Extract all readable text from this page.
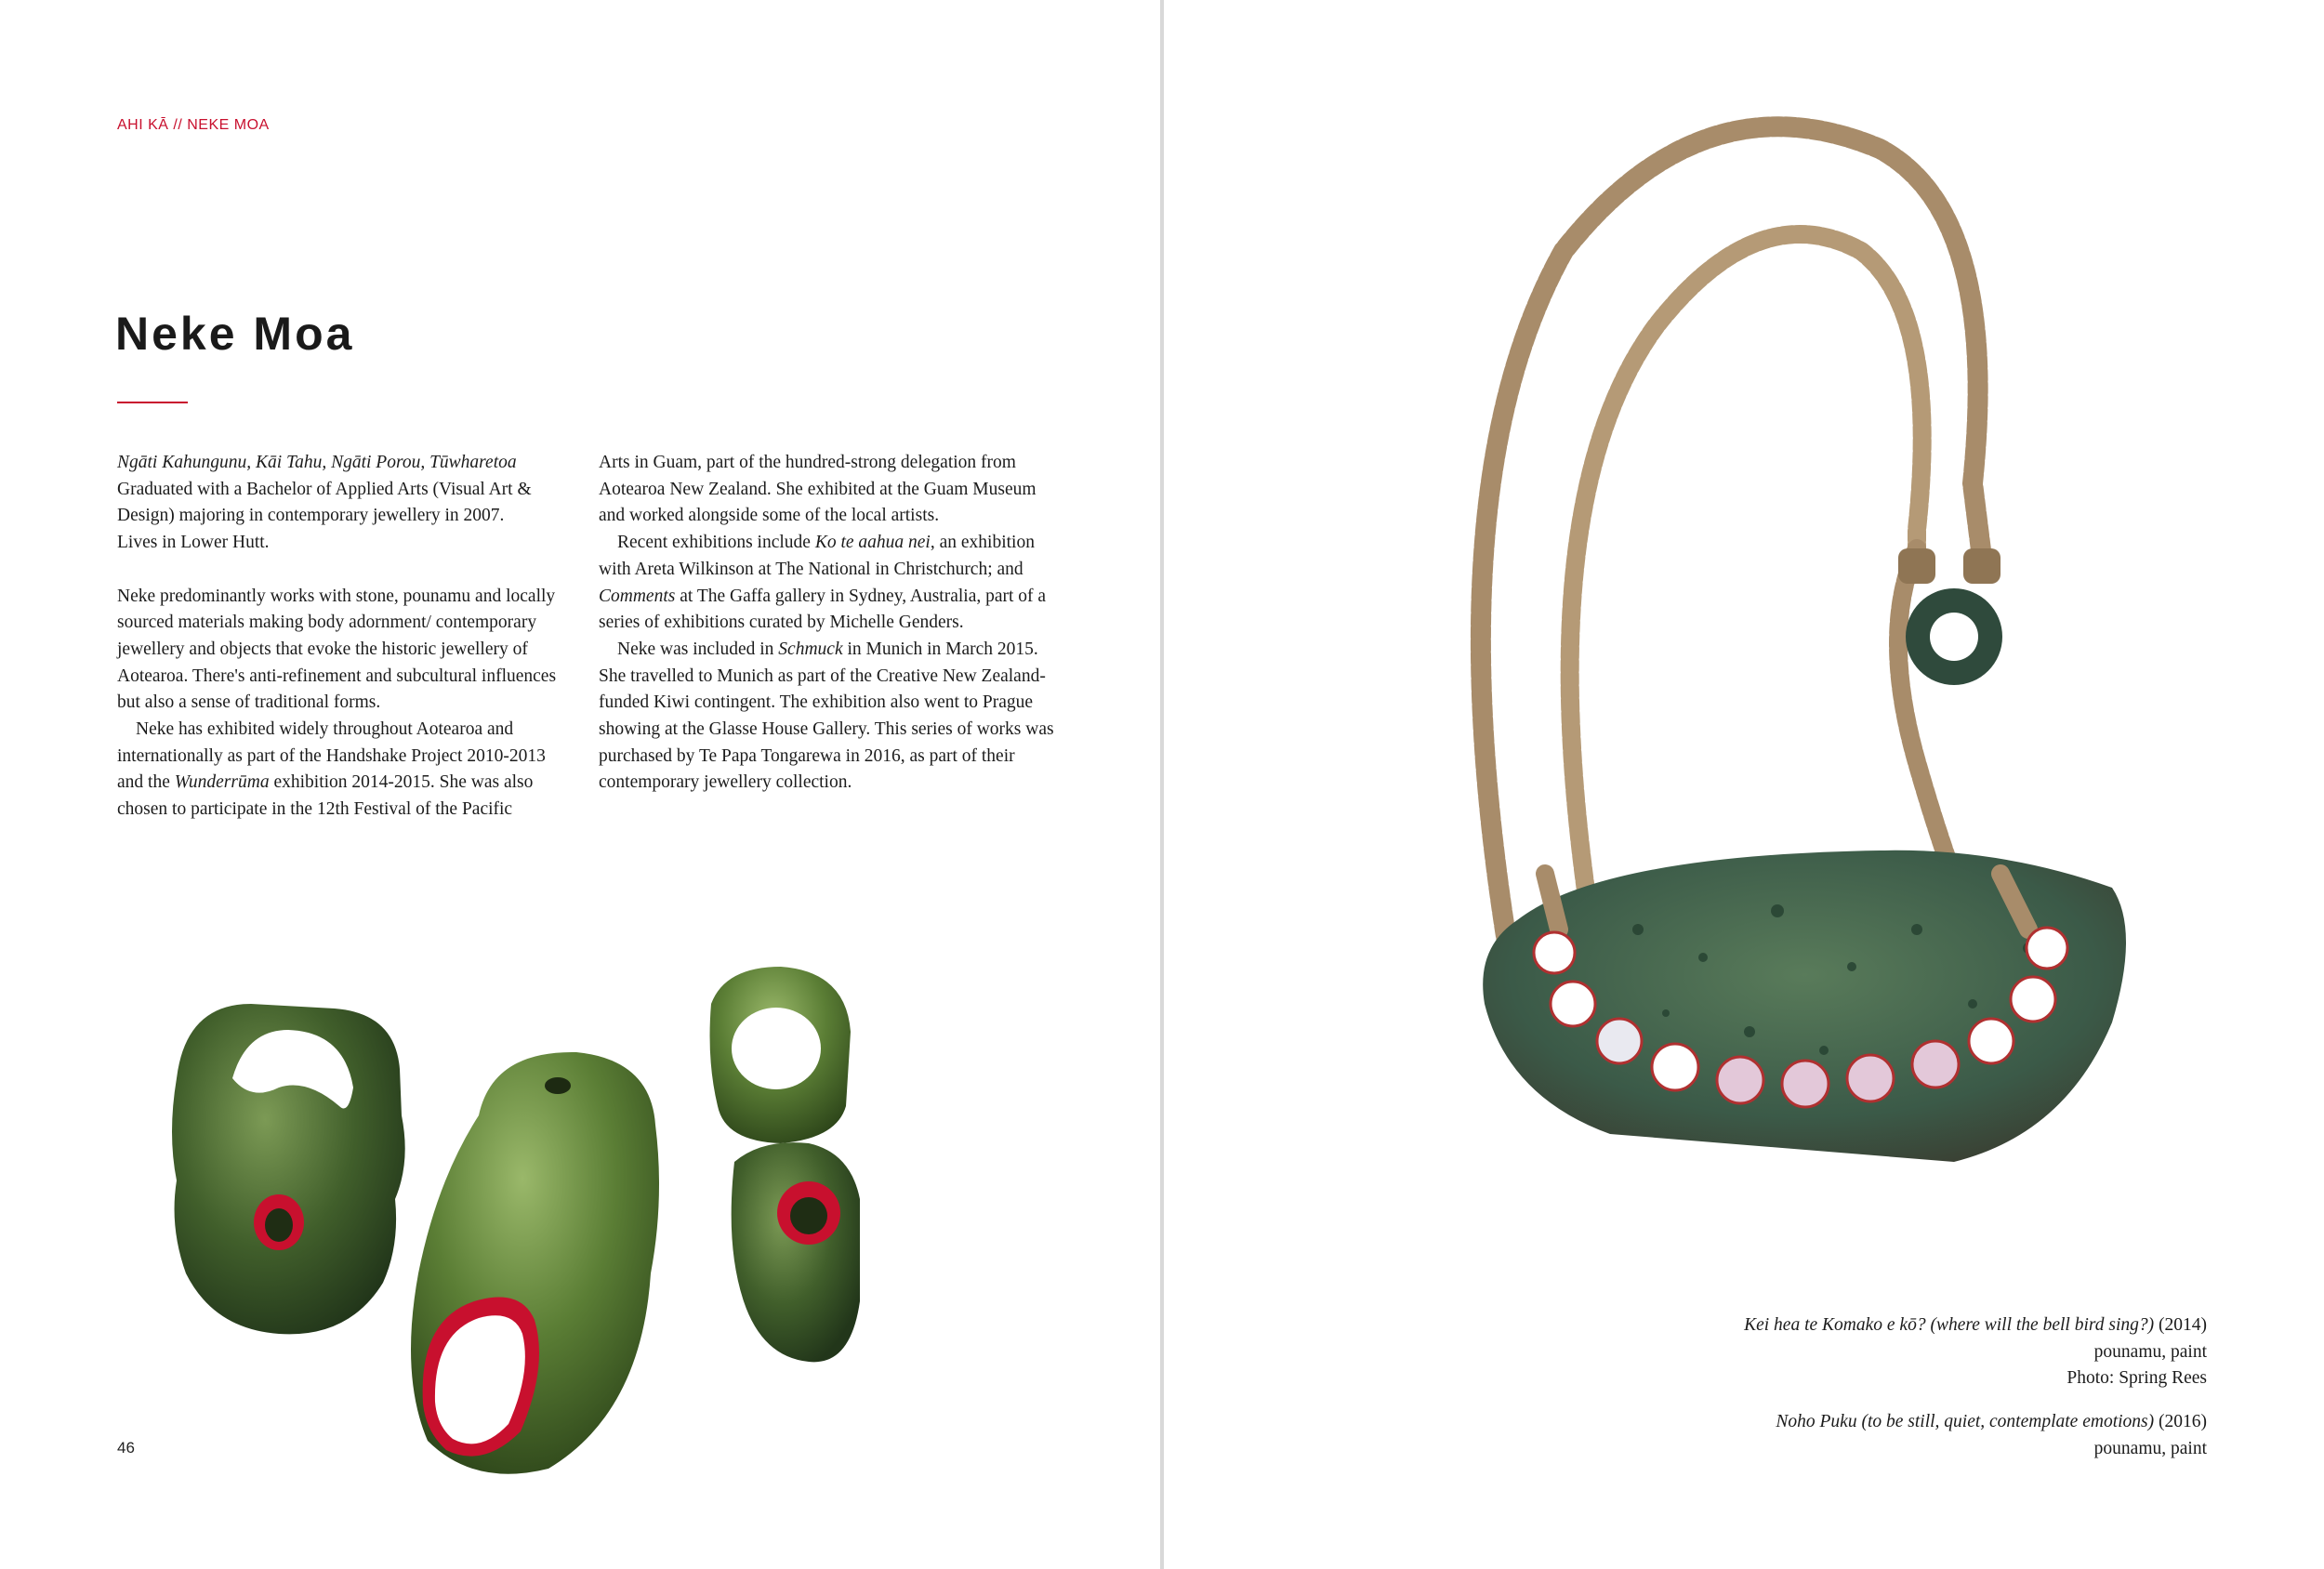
AHI KĀ // NEKE MOA
Neke Moa

Ngāti Kahungunu, Kāi Tahu, Ngāti Porou, Tūwharetoa

Graduated with a Bachelor of Applied Arts (Visual Art &

Design) majoring in contemporary jewellery in 2007.

Lives in Lower Hutt.

Neke predominantly works with stone, pounamu and locally sourced materials making body adornment/ contemporary jewellery and objects that evoke the historic jewellery of Aotearoa. There's anti-refinement and subcultural influences but also a sense of traditional forms.

Neke has exhibited widely throughout Aotearoa and internationally as part of the Handshake Project 2010-2013 and the Wunderrūma exhibition 2014-2015. She was also chosen to participate in the 12th Festival of the Pacific

Arts in Guam, part of the hundred-strong delegation from Aotearoa New Zealand. She exhibited at the Guam Museum and worked alongside some of the local artists.

Recent exhibitions include Ko te aahua nei, an exhibition with Areta Wilkinson at The National in Christchurch; and Comments at The Gaffa gallery in Sydney, Australia, part of a series of exhibitions curated by Michelle Genders.

Neke was included in Schmuck in Munich in March 2015. She travelled to Munich as part of the Creative New Zealand-funded Kiwi contingent. The exhibition also went to Prague showing at the Glasse House Gallery. This series of works was purchased by Te Papa Tongarewa in 2016, as part of their contemporary jewellery collection.

46

Kei hea te Komako e kō? (where will the bell bird sing?) (2014)

pounamu, paint

Photo: Spring Rees

Noho Puku (to be still, quiet, contemplate emotions) (2016)

pounamu, paint
